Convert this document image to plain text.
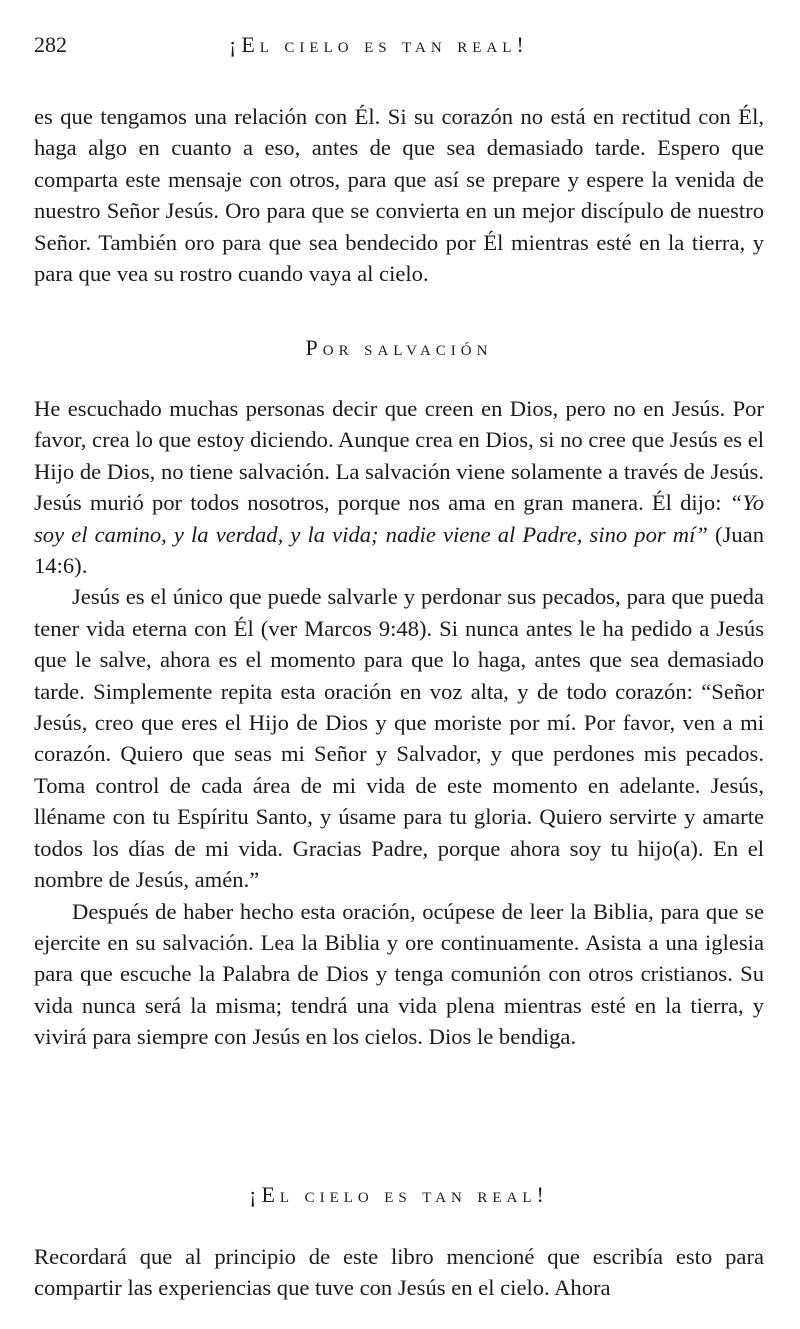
282	¡El cielo es tan real!

es que tengamos una relación con Él. Si su corazón no está en rectitud con Él, haga algo en cuanto a eso, antes de que sea demasiado tarde. Espero que comparta este mensaje con otros, para que así se prepare y espere la venida de nuestro Señor Jesús. Oro para que se convierta en un mejor discípulo de nuestro Señor. También oro para que sea bendecido por Él mientras esté en la tierra, y para que vea su rostro cuando vaya al cielo.

Por salvación

He escuchado muchas personas decir que creen en Dios, pero no en Jesús. Por favor, crea lo que estoy diciendo. Aunque crea en Dios, si no cree que Jesús es el Hijo de Dios, no tiene salvación. La salvación viene solamente a través de Jesús. Jesús murió por todos nosotros, porque nos ama en gran manera. Él dijo: “Yo soy el camino, y la verdad, y la vida; nadie viene al Padre, sino por mí” (Juan 14:6).

Jesús es el único que puede salvarle y perdonar sus pecados, para que pueda tener vida eterna con Él (ver Marcos 9:48). Si nunca antes le ha pedido a Jesús que le salve, ahora es el momento para que lo haga, antes que sea demasiado tarde. Simplemente repita esta oración en voz alta, y de todo corazón: “Señor Jesús, creo que eres el Hijo de Dios y que moriste por mí. Por favor, ven a mi corazón. Quiero que seas mi Señor y Salvador, y que perdones mis pecados. Toma control de cada área de mi vida de este momento en adelante. Jesús, lléname con tu Espíritu Santo, y úsame para tu gloria. Quiero servirte y amarte todos los días de mi vida. Gracias Padre, porque ahora soy tu hijo(a). En el nombre de Jesús, amén.”

Después de haber hecho esta oración, ocúpese de leer la Biblia, para que se ejercite en su salvación. Lea la Biblia y ore continuamente. Asista a una iglesia para que escuche la Palabra de Dios y tenga comunión con otros cristianos. Su vida nunca será la misma; tendrá una vida plena mientras esté en la tierra, y vivirá para siempre con Jesús en los cielos. Dios le bendiga.

¡El cielo es tan real!

Recordará que al principio de este libro mencioné que escribía esto para compartir las experiencias que tuve con Jesús en el cielo. Ahora
